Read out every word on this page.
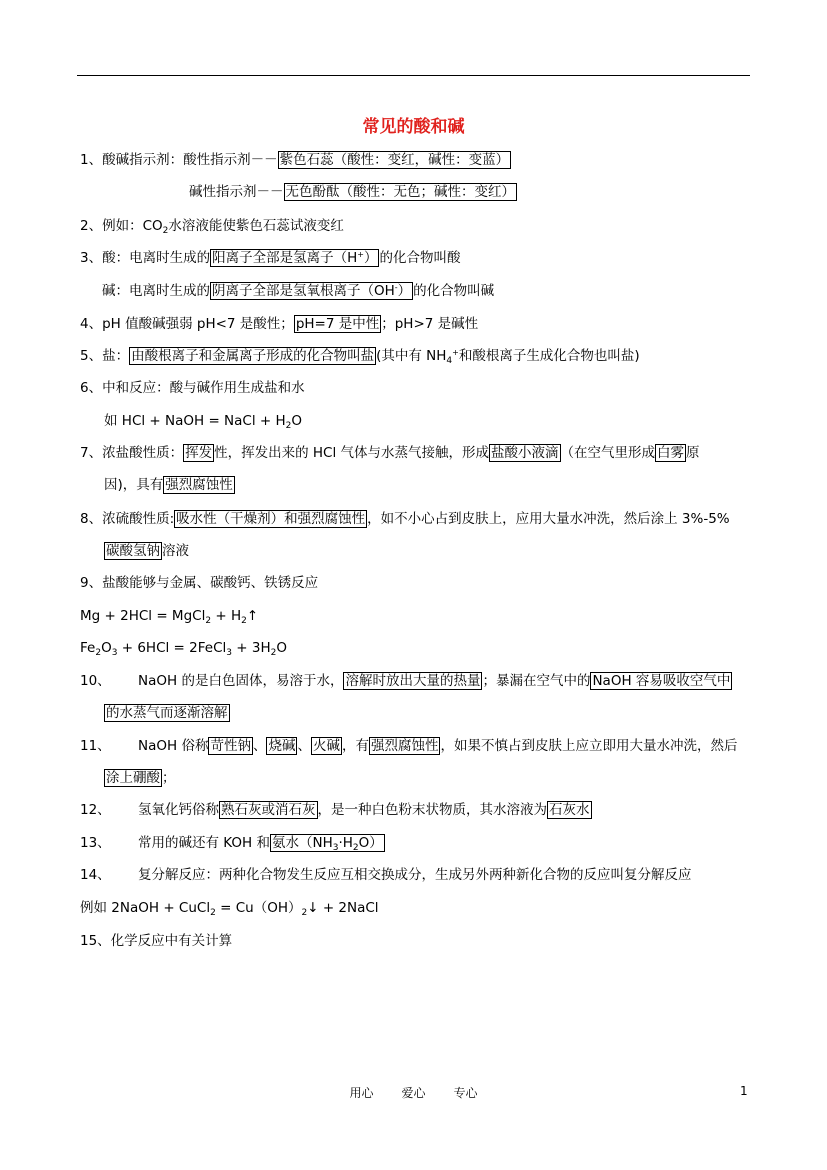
常见的酸和碱
1、酸碱指示剂：酸性指示剂－－ 紫色石蕊（酸性：变红，碱性：变蓝）
碱性指示剂－－ 无色酚酞（酸性：无色；碱性：变红）
2、例如：$CO_2$水溶液能使紫色石蕊试液变红
3、酸：电离时生成的 阳离子全部是氢离子（H+） 的化合物叫酸
碱：电离时生成的 阴离子全部是氢氧根离子（OH-） 的化合物叫碱
4、pH 值酸碱强弱 pH<7 是酸性； pH=7 是中性 ；pH>7 是碱性
5、盐： 由酸根离子和金属离子形成的化合物叫盐 (其中有 $NH_4^+$和酸根离子生成化合物也叫盐)
6、中和反应：酸与碱作用生成盐和水
如 HCl + NaOH = NaCl + $H_2O$
7、浓盐酸性质： 挥发 性，挥发出来的 HCl 气体与水蒸气接触，形成 盐酸小液滴 （在空气里形成 白雾 原
因)，具有 强烈腐蚀性
8、浓硫酸性质: 吸水性（干燥剂）和强烈腐蚀性 ，如不小心占到皮肤上，应用大量水冲洗，然后涂上 3%-5%
碳酸氢钠 溶液
9、盐酸能够与金属、碳酸钙、铁锈反应
Mg + 2HCl = MgCl$_2$ + $H_2↑$
$Fe_2O_3 + 6HCl$ = 2FeCl$_3$ + $3H_2O$
10、 NaOH 的是白色固体，易溶于水， 溶解时放出大量的热量 ；暴漏在空气中的 NaOH 容易吸收空气中
的水蒸气而逐渐溶解
11、 NaOH 俗称 苛性钠 、 烧碱 、 火碱 ，有 强烈腐蚀性 ，如果不慎占到皮肤上应立即用大量水冲洗，然后
涂上硼酸 ；
12、 氢氧化钙俗称 熟石灰或消石灰 ，是一种白色粉末状物质，其水溶液为 石灰水
13、 常用的碱还有 KOH 和 氨水$(NH_3\cdot H_2O)$
14、 复分解反应：两种化合物发生反应互相交换成分，生成另外两种新化合物的反应叫复分解反应
例如 2NaOH + CuCl$_2$ = $Cu(OH)_2↓$ + 2NaCl
15、化学反应中有关计算
用心 爱心 专心	1
